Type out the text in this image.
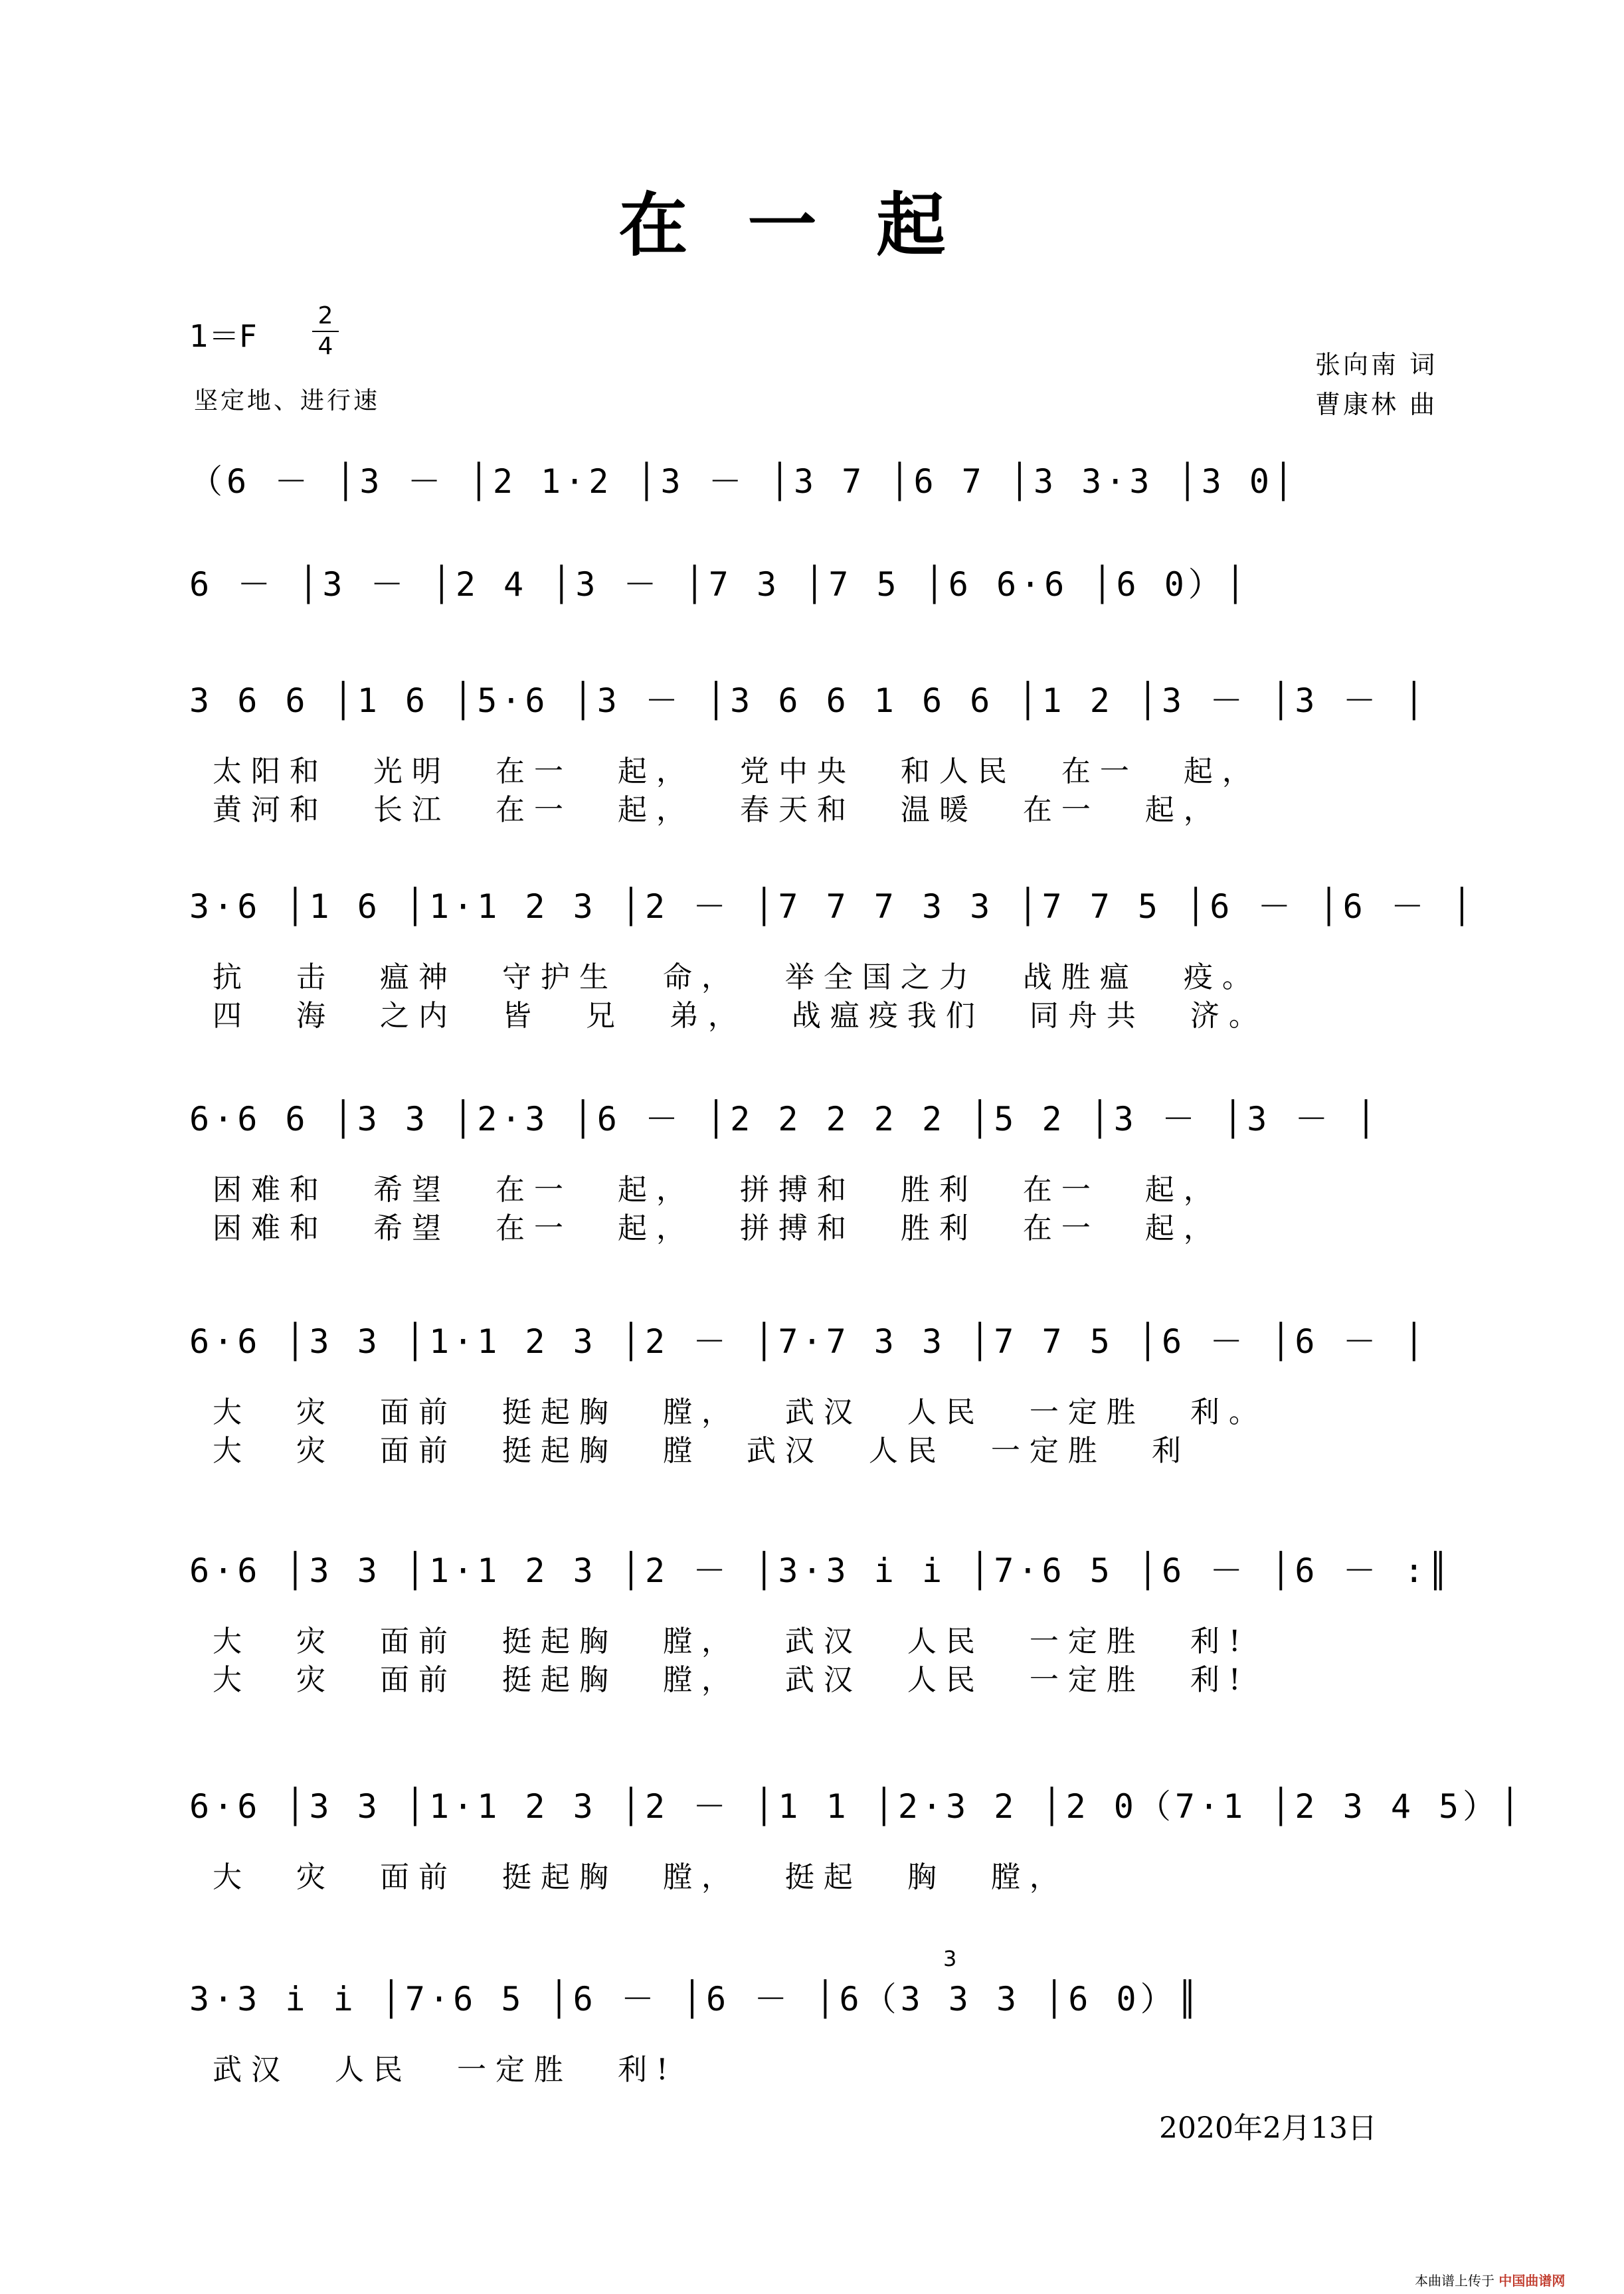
在一起
1＝F
2
4
坚定地、进行速
张向南 词
曹康林 曲
（6 － │3 － │2 1·2 │3 － │3 7 │6 7 │3 3·3 │3 0│
6 － │3 － │2 4 │3 － │7 3 │7 5 │6 6·6 │6 0）│
3 6 6 │1 6 │5·6 │3 － │3 6 6 1 6 6 │1 2 │3 － │3 － │
太阳和 光明 在一 起， 党中央 和人民 在一 起，
黄河和 长江 在一 起， 春天和 温暖 在一 起，
3·6 │1 6 │1·1 2 3 │2 － │7 7 7 3 3 │7 7 5 │6 － │6 － │
抗 击 瘟神 守护生 命， 举全国之力 战胜瘟 疫。
四 海 之内 皆 兄 弟， 战瘟疫我们 同舟共 济。
6·6 6 │3 3 │2·3 │6 － │2 2 2 2 2 │5 2 │3 － │3 － │
困难和 希望 在一 起， 拼搏和 胜利 在一 起，
困难和 希望 在一 起， 拼搏和 胜利 在一 起，
6·6 │3 3 │1·1 2 3 │2 － │7·7 3 3 │7 7 5 │6 － │6 － │
大 灾 面前 挺起胸 膛， 武汉 人民 一定胜 利。
大 灾 面前 挺起胸 膛 武汉 人民 一定胜 利
6·6 │3 3 │1·1 2 3 │2 － │3·3 i i │7·6 5 │6 － │6 － :║
大 灾 面前 挺起胸 膛， 武汉 人民 一定胜 利!
大 灾 面前 挺起胸 膛， 武汉 人民 一定胜 利!
6·6 │3 3 │1·1 2 3 │2 － │1 1 │2·3 2 │2 0（7·1 │2 3 4 5）│
大 灾 面前 挺起胸 膛， 挺起 胸 膛，
3·3 i i │7·6 5 │6 － │6 － │6（3 3 3 │6 0）║
武汉 人民 一定胜 利!
3
2020年2月13日
本曲谱上传于 中国曲谱网
